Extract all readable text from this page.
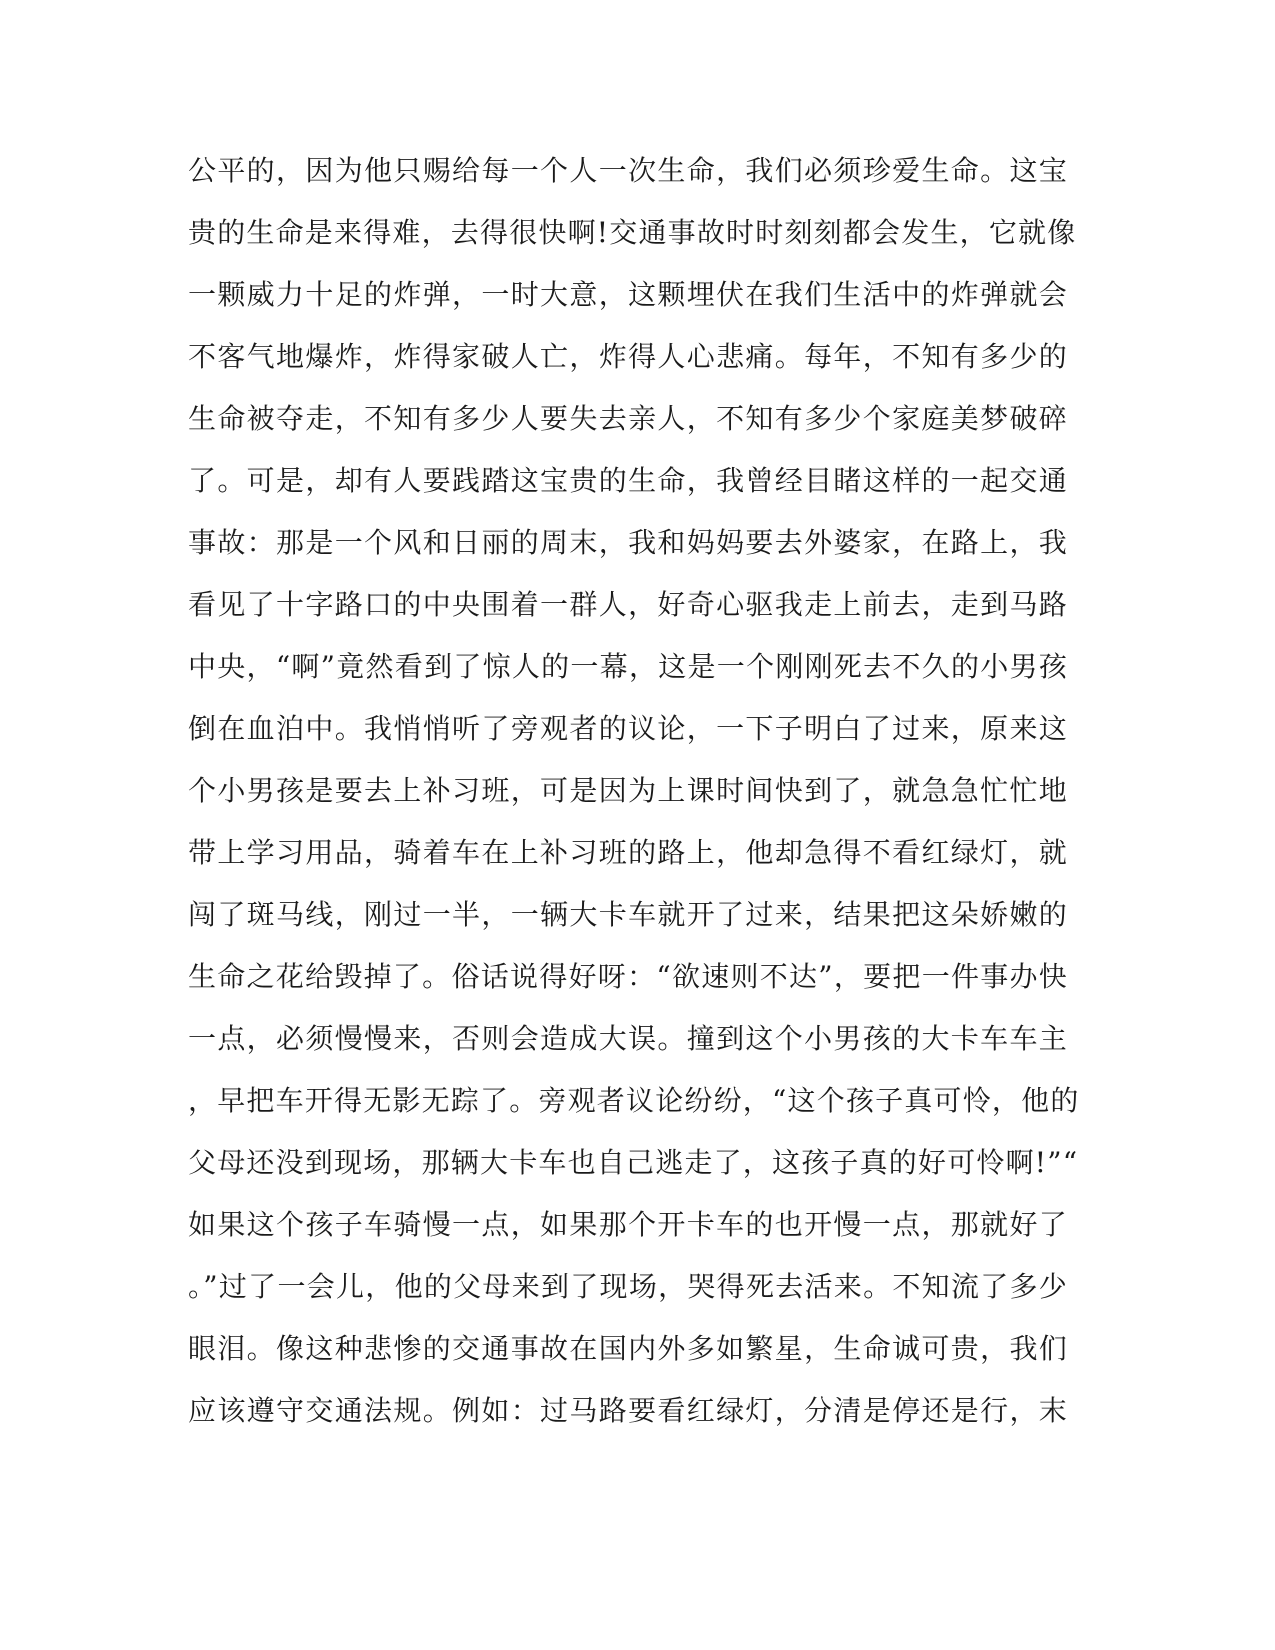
公平的，因为他只赐给每一个人一次生命，我们必须珍爱生命。这宝
贵的生命是来得难，去得很快啊!交通事故时时刻刻都会发生，它就像
一颗威力十足的炸弹，一时大意，这颗埋伏在我们生活中的炸弹就会
不客气地爆炸，炸得家破人亡，炸得人心悲痛。每年，不知有多少的
生命被夺走，不知有多少人要失去亲人，不知有多少个家庭美梦破碎
了。可是，却有人要践踏这宝贵的生命，我曾经目睹这样的一起交通
事故：那是一个风和日丽的周末，我和妈妈要去外婆家，在路上，我
看见了十字路口的中央围着一群人，好奇心驱我走上前去，走到马路
中央，“啊”竟然看到了惊人的一幕，这是一个刚刚死去不久的小男孩
倒在血泊中。我悄悄听了旁观者的议论，一下子明白了过来，原来这
个小男孩是要去上补习班，可是因为上课时间快到了，就急急忙忙地
带上学习用品，骑着车在上补习班的路上，他却急得不看红绿灯，就
闯了斑马线，刚过一半，一辆大卡车就开了过来，结果把这朵娇嫩的
生命之花给毁掉了。俗话说得好呀：“欲速则不达”，要把一件事办快
一点，必须慢慢来，否则会造成大误。撞到这个小男孩的大卡车车主
，早把车开得无影无踪了。旁观者议论纷纷，“这个孩子真可怜，他的
父母还没到现场，那辆大卡车也自己逃走了，这孩子真的好可怜啊!”“
如果这个孩子车骑慢一点，如果那个开卡车的也开慢一点，那就好了
。”过了一会儿，他的父母来到了现场，哭得死去活来。不知流了多少
眼泪。像这种悲惨的交通事故在国内外多如繁星，生命诚可贵，我们
应该遵守交通法规。例如：过马路要看红绿灯，分清是停还是行，末
